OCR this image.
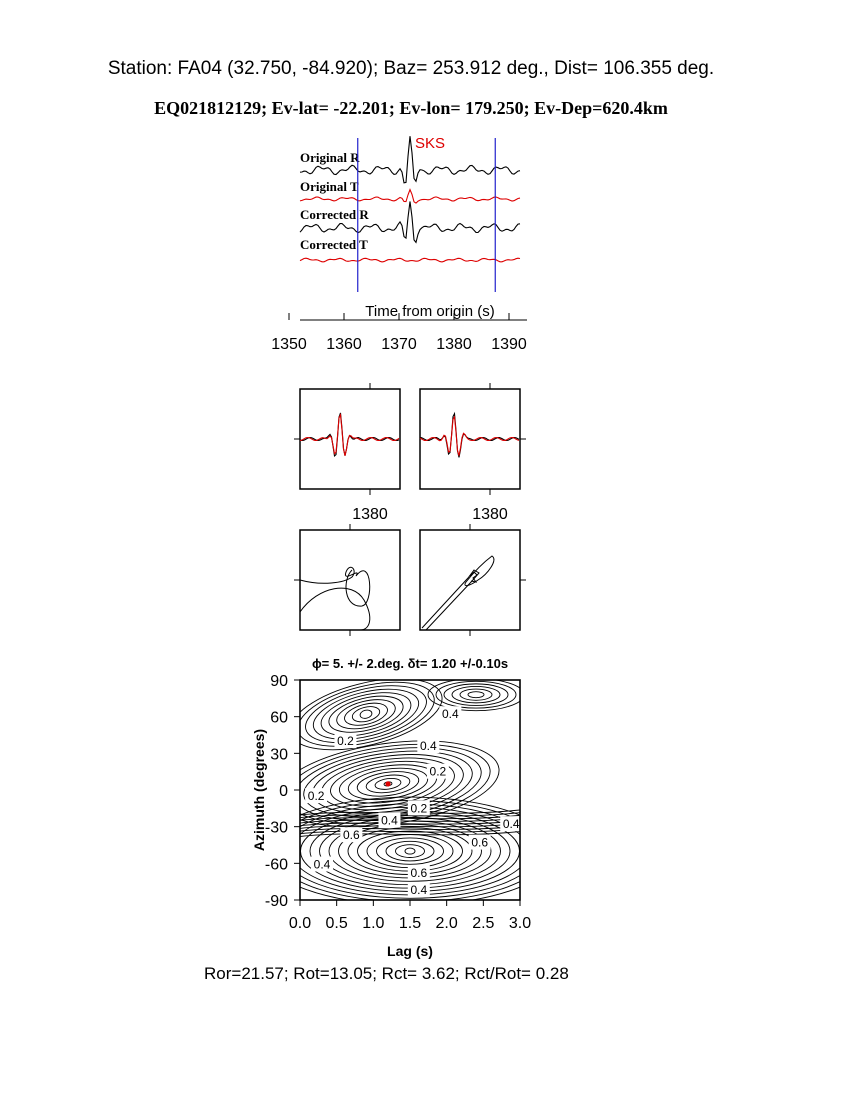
Station: FA04 (32.750, -84.920); Baz= 253.912 deg., Dist= 106.355 deg.
EQ021812129; Ev-lat= -22.201; Ev-lon= 179.250; Ev-Dep=620.4km
SKS
Original R
Original T
Corrected R
Corrected T
Time from origin (s)
1350 1360 1370 1380 1390
1380	1380
ϕ= 5. +/- 2.deg. δt= 1.20 +/-0.10s
0.4
0.2	0.4
0.2
0.2
0.2
0.4	0.4
0.6
0.6
0.4
0.6
0.4
0.0 0.5 1.0 1.5 2.0 2.5 3.0
90
60
30
0
-30
-60
-90
Lag (s)
Azimuth (degrees)
Ror=21.57; Rot=13.05; Rct= 3.62; Rct/Rot= 0.28
